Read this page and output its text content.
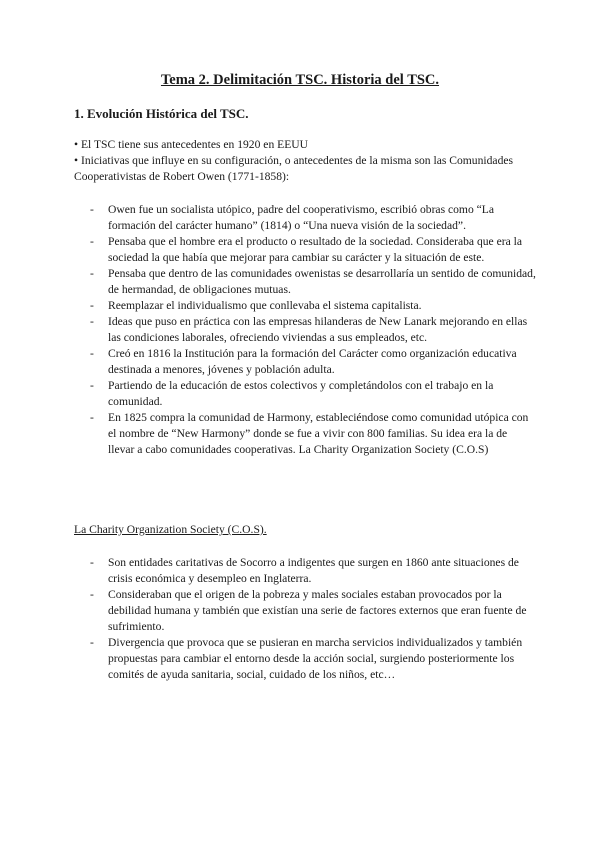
Tema 2. Delimitación TSC. Historia del TSC.
1. Evolución Histórica del TSC.

• El TSC tiene sus antecedentes en 1920 en EEUU

• Iniciativas que influye en su configuración, o antecedentes de la misma son las Comunidades Cooperativistas de Robert Owen (1771-1858):

- Owen fue un socialista utópico, padre del cooperativismo, escribió obras como “La formación del carácter humano” (1814) o “Una nueva visión de la sociedad”.
- Pensaba que el hombre era el producto o resultado de la sociedad. Consideraba que era la sociedad la que había que mejorar para cambiar su carácter y la situación de este.
- Pensaba que dentro de las comunidades owenistas se desarrollaría un sentido de comunidad, de hermandad, de obligaciones mutuas.
- Reemplazar el individualismo que conllevaba el sistema capitalista.
- Ideas que puso en práctica con las empresas hilanderas de New Lanark mejorando en ellas las condiciones laborales, ofreciendo viviendas a sus empleados, etc.
- Creó en 1816 la Institución para la formación del Carácter como organización educativa destinada a menores, jóvenes y población adulta.
- Partiendo de la educación de estos colectivos y completándolos con el trabajo en la comunidad.
- En 1825 compra la comunidad de Harmony, estableciéndose como comunidad utópica con el nombre de “New Harmony” donde se fue a vivir con 800 familias. Su idea era la de llevar a cabo comunidades cooperativas. La Charity Organization Society (C.O.S)
La Charity Organization Society (C.O.S).
- Son entidades caritativas de Socorro a indigentes que surgen en 1860 ante situaciones de crisis económica y desempleo en Inglaterra.
- Consideraban que el origen de la pobreza y males sociales estaban provocados por la debilidad humana y también que existían una serie de factores externos que eran fuente de sufrimiento.
- Divergencia que provoca que se pusieran en marcha servicios individualizados y también propuestas para cambiar el entorno desde la acción social, surgiendo posteriormente los comités de ayuda sanitaria, social, cuidado de los niños, etc…
